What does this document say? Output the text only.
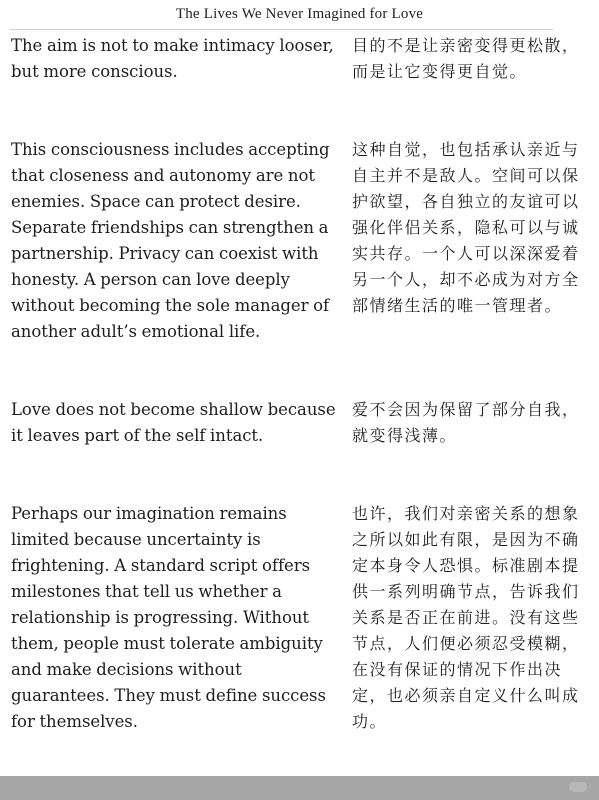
The Lives We Never Imagined for Love

The aim is not to make intimacy looser, but more conscious.

目的不是让亲密变得更松散，而是让它变得更自觉。

This consciousness includes accepting that closeness and autonomy are not enemies. Space can protect desire. Separate friendships can strengthen a partnership. Privacy can coexist with honesty. A person can love deeply without becoming the sole manager of another adult’s emotional life.

这种自觉，也包括承认亲近与自主并不是敌人。空间可以保护欲望，各自独立的友谊可以强化伴侣关系，隐私可以与诚实共存。一个人可以深深爱着另一个人，却不必成为对方全部情绪生活的唯一管理者。

Love does not become shallow because it leaves part of the self intact.

爱不会因为保留了部分自我，就变得浅薄。

Perhaps our imagination remains limited because uncertainty is frightening. A standard script offers milestones that tell us whether a relationship is progressing. Without them, people must tolerate ambiguity and make decisions without guarantees. They must define success for themselves.

也许，我们对亲密关系的想象之所以如此有限，是因为不确定本身令人恐惧。标准剧本提供一系列明确节点，告诉我们关系是否正在前进。没有这些节点，人们便必须忍受模糊，在没有保证的情况下作出决定，也必须亲自定义什么叫成功。
